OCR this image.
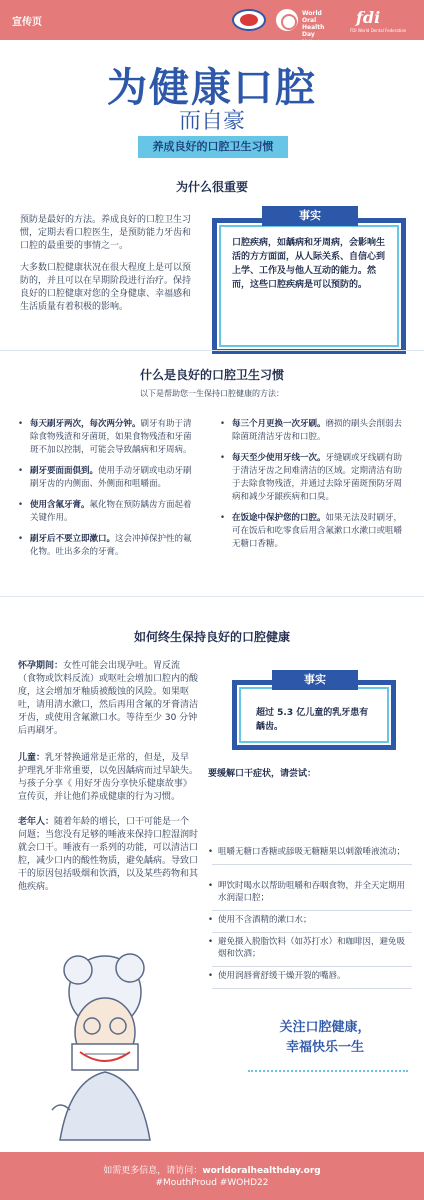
宣传页
World Oral Health Day
20 March
fdi
FDI World Dental Federation
为健康口腔
而自豪
养成良好的口腔卫生习惯
为什么很重要
预防是最好的方法。养成良好的口腔卫生习惯，定期去看口腔医生，是预防能力牙齿和口腔的最重要的事情之一。
大多数口腔健康状况在很大程度上是可以预防的，并且可以在早期阶段进行治疗。保持良好的口腔健康对您的全身健康、幸福感和生活质量有着积极的影响。
事实
口腔疾病，如龋病和牙周病，会影响生活的方方面面，从人际关系、自信心到上学、工作及与他人互动的能力。然而，这些口腔疾病是可以预防的。
什么是良好的口腔卫生习惯
以下是帮助您一生保持口腔健康的方法：
• 每天刷牙两次，每次两分钟。刷牙有助于清除食物残渣和牙菌斑，如果食物残渣和牙菌斑不加以控制，可能会导致龋病和牙周病。
• 刷牙要面面俱到。使用手动牙刷或电动牙刷刷牙齿的内侧面、外侧面和咀嚼面。
• 使用含氟牙膏。氟化物在预防龋齿方面起着关键作用。
• 刷牙后不要立即漱口。这会冲掉保护性的氟化物。吐出多余的牙膏。
• 每三个月更换一次牙刷。磨损的刷头会削弱去除菌斑清洁牙齿和口腔。
• 每天至少使用牙线一次。牙缝刷或牙线刷有助于清洁牙齿之间难清洁的区域。定期清洁有助于去除食物残渣，并通过去除牙菌斑预防牙周病和减少牙龈疾病和口臭。
• 在饭途中保护您的口腔。如果无法及时刷牙，可在饭后和吃零食后用含氟漱口水漱口或咀嚼无糖口香糖。
如何终生保持良好的口腔健康
怀孕期间：女性可能会出现孕吐。胃反流（食物或饮料反流）或呕吐会增加口腔内的酸度，这会增加牙釉质被酸蚀的风险。如果呕吐，请用清水漱口，然后再用含氟的牙膏清洁牙齿，或使用含氟漱口水。等待至少 30 分钟后再刷牙。
儿童：乳牙替换通常是正常的，但是，及早护理乳牙非常重要，以免因龋病而过早缺失。与孩子分享《 用好牙齿分享快乐健康故事》宣传页，并让他们养成健康的行为习惯。
老年人：随着年龄的增长，口干可能是一个问题；当您没有足够的唾液来保持口腔湿润时就会口干。唾液有一系列的功能，可以清洁口腔，减少口内的酸性物质，避免龋病。导致口干的原因包括吸烟和饮酒，以及某些药物和其他疾病。
事实
超过 5.3 亿儿童的乳牙患有龋齿。
要缓解口干症状，请尝试：
• 咀嚼无糖口香糖或舔吸无糖糖果以刺激唾液流动；
• 呷饮时喝水以帮助咀嚼和吞咽食物，并全天定期用水润湿口腔；
• 使用不含酒精的漱口水；
• 避免摄入脱脂饮料（如苏打水）和咖啡因，避免吸烟和饮酒；
• 使用润唇膏舒缓干燥开裂的嘴唇。
关注口腔健康，
幸福快乐一生
如需更多信息，请访问：worldoralhealthday.org
#MouthProud #WOHD22
